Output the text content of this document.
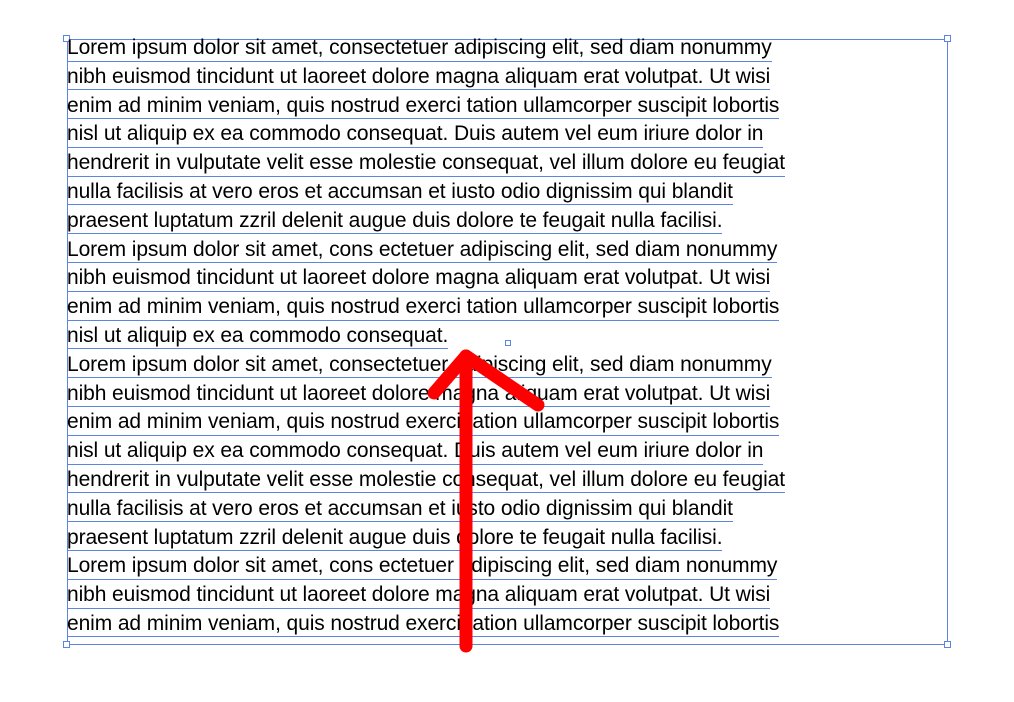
Lorem ipsum dolor sit amet, consectetuer adipiscing elit, sed diam nonummy
nibh euismod tincidunt ut laoreet dolore magna aliquam erat volutpat. Ut wisi
enim ad minim veniam, quis nostrud exerci tation ullamcorper suscipit lobortis
nisl ut aliquip ex ea commodo consequat. Duis autem vel eum iriure dolor in
hendrerit in vulputate velit esse molestie consequat, vel illum dolore eu feugiat
nulla facilisis at vero eros et accumsan et iusto odio dignissim qui blandit
praesent luptatum zzril delenit augue duis dolore te feugait nulla facilisi.
Lorem ipsum dolor sit amet, cons ectetuer adipiscing elit, sed diam nonummy
nibh euismod tincidunt ut laoreet dolore magna aliquam erat volutpat. Ut wisi
enim ad minim veniam, quis nostrud exerci tation ullamcorper suscipit lobortis
nisl ut aliquip ex ea commodo consequat.
Lorem ipsum dolor sit amet, consectetuer adipiscing elit, sed diam nonummy
nibh euismod tincidunt ut laoreet dolore magna aliquam erat volutpat. Ut wisi
enim ad minim veniam, quis nostrud exerci tation ullamcorper suscipit lobortis
nisl ut aliquip ex ea commodo consequat. Duis autem vel eum iriure dolor in
hendrerit in vulputate velit esse molestie consequat, vel illum dolore eu feugiat
nulla facilisis at vero eros et accumsan et iusto odio dignissim qui blandit
praesent luptatum zzril delenit augue duis dolore te feugait nulla facilisi.
Lorem ipsum dolor sit amet, cons ectetuer adipiscing elit, sed diam nonummy
nibh euismod tincidunt ut laoreet dolore magna aliquam erat volutpat. Ut wisi
enim ad minim veniam, quis nostrud exerci tation ullamcorper suscipit lobortis
